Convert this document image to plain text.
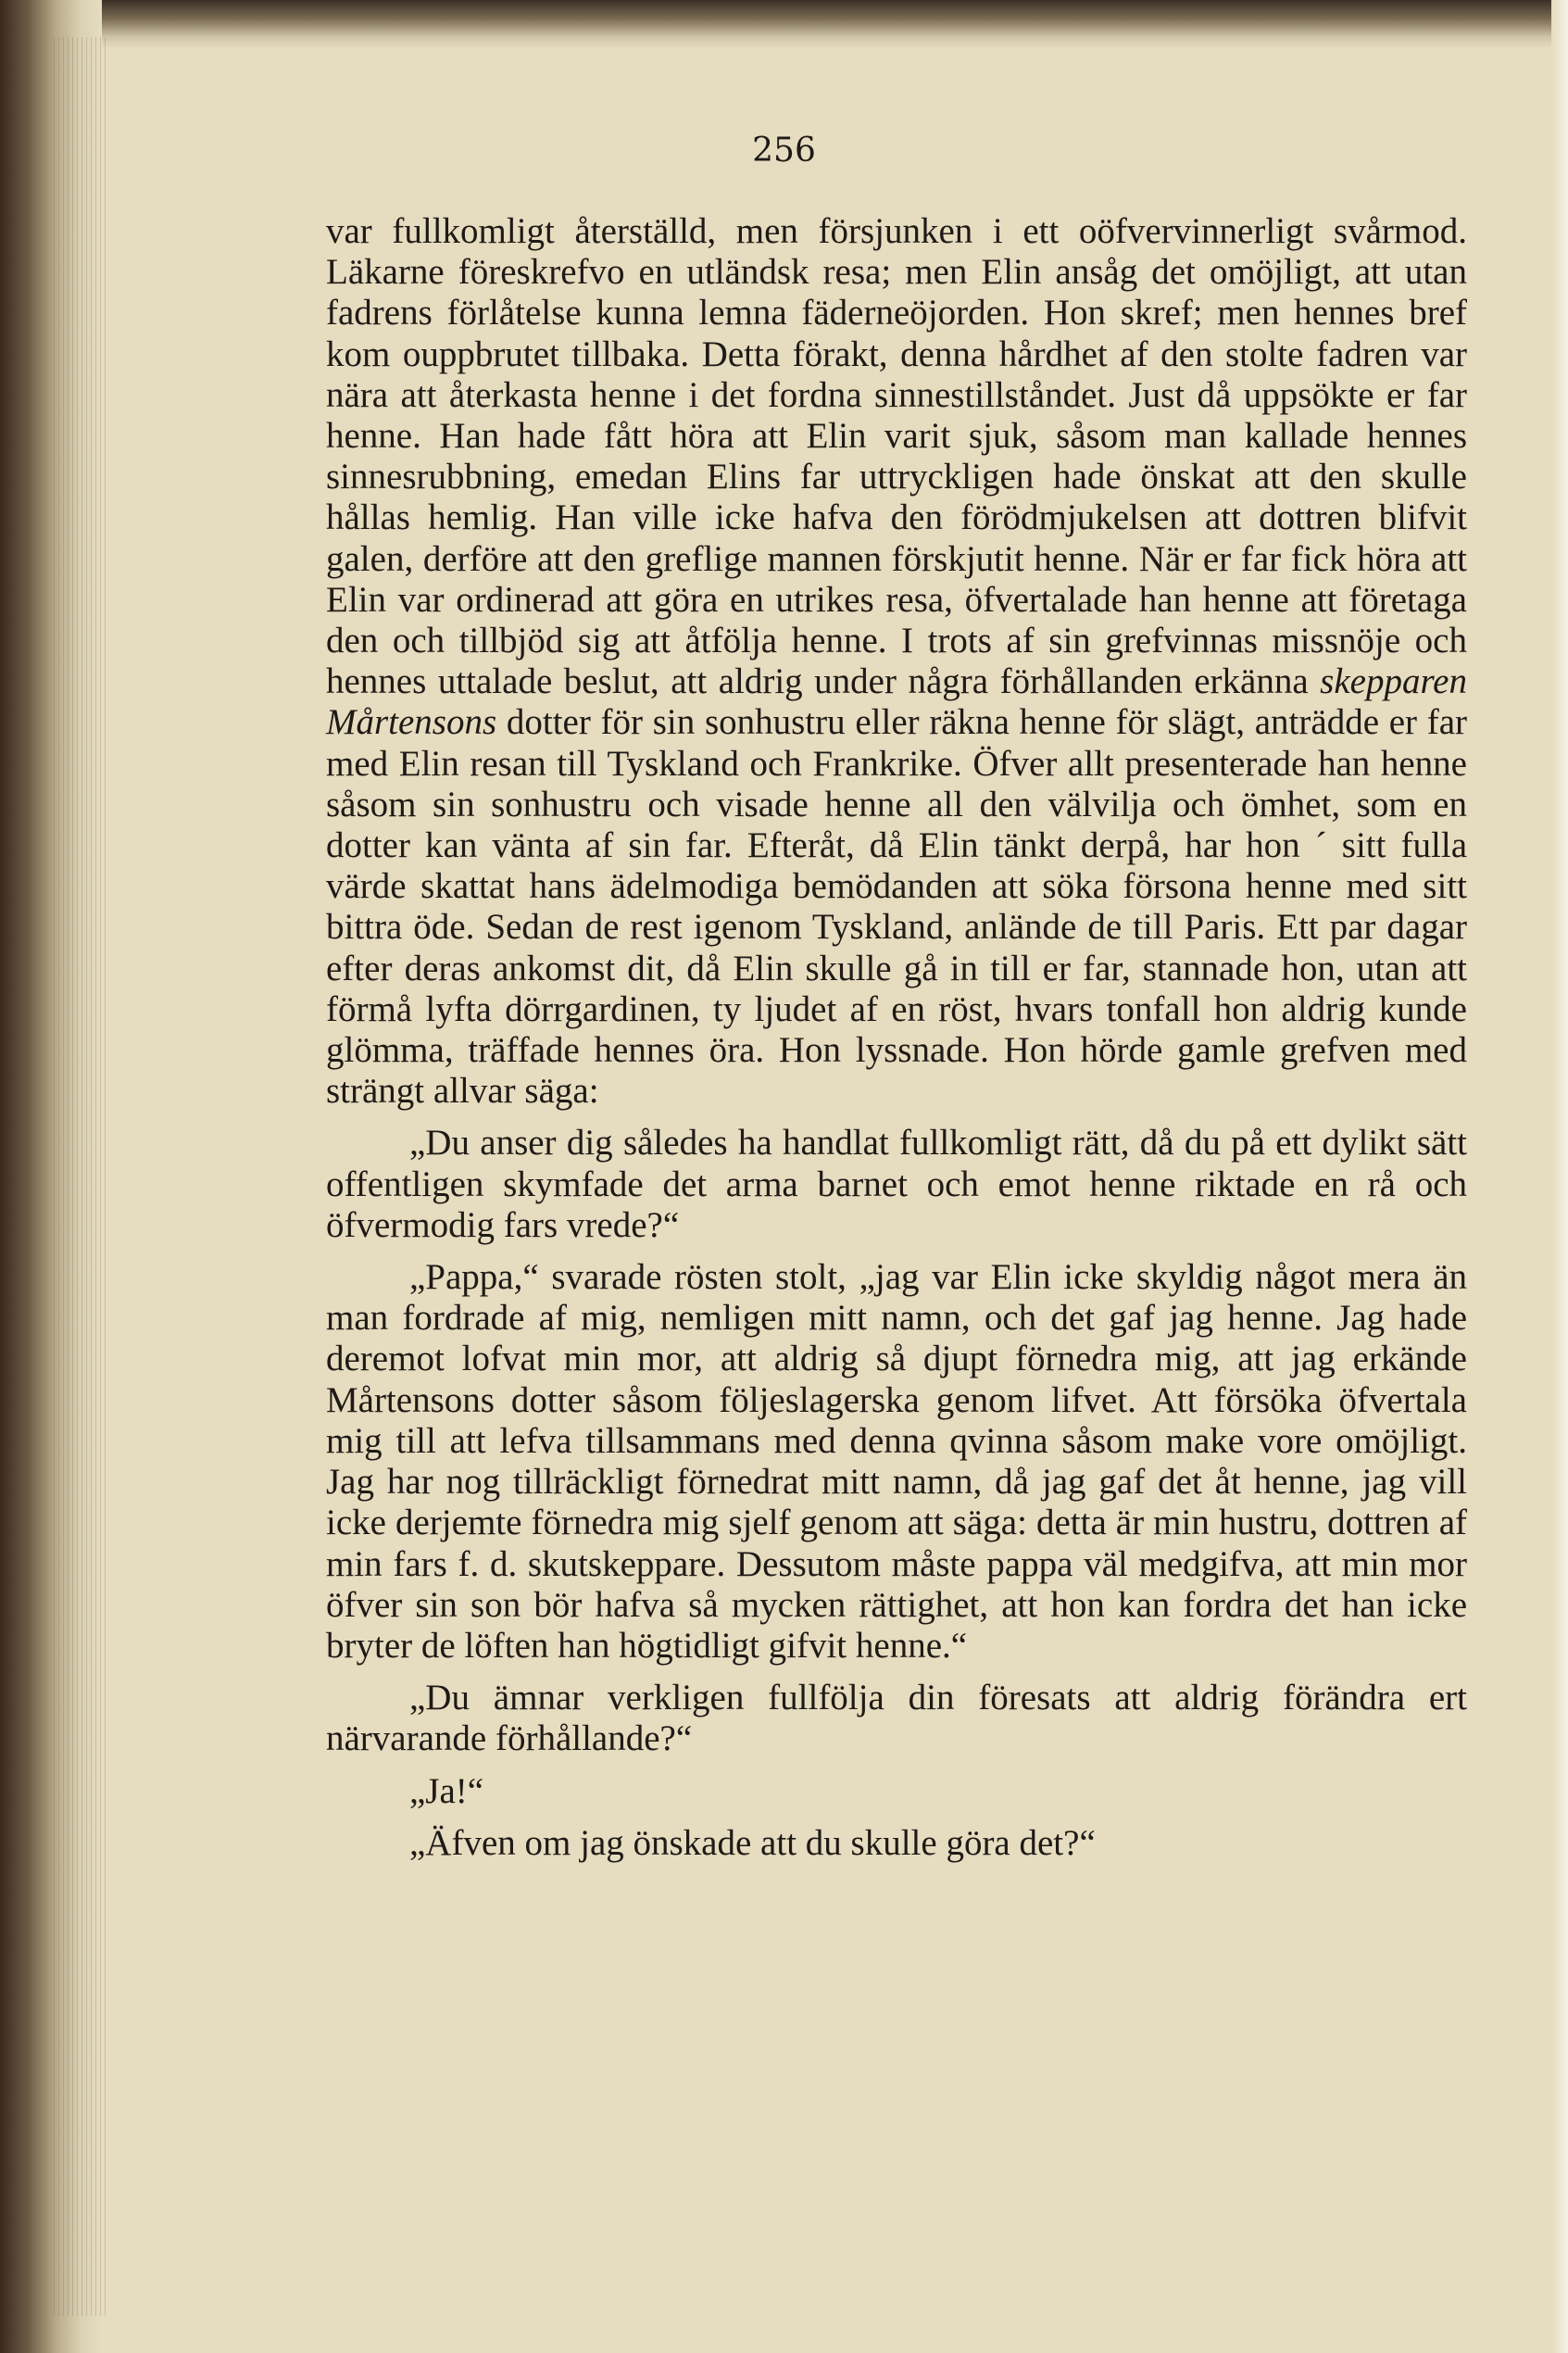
256

var fullkomligt återställd, men försjunken i ett oöfvervinnerligt svårmod. Läkarne föreskrefvo en utländsk resa; men Elin ansåg det omöjligt, att utan fadrens förlåtelse kunna lemna fäderneöjorden. Hon skref; men hennes bref kom ouppbrutet tillbaka. Detta förakt, denna hårdhet af den stolte fadren var nära att återkasta henne i det fordna sinnestillståndet. Just då uppsökte er far henne. Han hade fått höra att Elin varit sjuk, såsom man kallade hennes sinnesrubbning, emedan Elins far uttryckligen hade önskat att den skulle hållas hemlig. Han ville icke hafva den förödmjukelsen att dottren blifvit galen, derföre att den greflige mannen förskjutit henne. När er far fick höra att Elin var ordinerad att göra en utrikes resa, öfvertalade han henne att företaga den och tillbjöd sig att åtfölja henne. I trots af sin grefvinnas missnöje och hennes uttalade beslut, att aldrig under några förhållanden erkänna skepparen Mårtensons dotter för sin sonhustru eller räkna henne för slägt, anträdde er far med Elin resan till Tyskland och Frankrike. Öfver allt presenterade han henne såsom sin sonhustru och visade henne all den välvilja och ömhet, som en dotter kan vänta af sin far. Efteråt, då Elin tänkt derpå, har hon ´ sitt fulla värde skattat hans ädelmodiga bemödanden att söka försona henne med sitt bittra öde. Sedan de rest igenom Tyskland, anlände de till Paris. Ett par dagar efter deras ankomst dit, då Elin skulle gå in till er far, stannade hon, utan att förmå lyfta dörrgardinen, ty ljudet af en röst, hvars tonfall hon aldrig kunde glömma, träffade hennes öra. Hon lyssnade. Hon hörde gamle grefven med strängt allvar säga:

„Du anser dig således ha handlat fullkomligt rätt, då du på ett dylikt sätt offentligen skymfade det arma barnet och emot henne riktade en rå och öfvermodig fars vrede?“

„Pappa,“ svarade rösten stolt, „jag var Elin icke skyldig något mera än man fordrade af mig, nemligen mitt namn, och det gaf jag henne. Jag hade deremot lofvat min mor, att aldrig så djupt förnedra mig, att jag erkände Mårtensons dotter såsom följeslagerska genom lifvet. Att försöka öfvertala mig till att lefva tillsammans med denna qvinna såsom make vore omöjligt. Jag har nog tillräckligt förnedrat mitt namn, då jag gaf det åt henne, jag vill icke derjemte förnedra mig sjelf genom att säga: detta är min hustru, dottren af min fars f. d. skutskeppare. Dessutom måste pappa väl medgifva, att min mor öfver sin son bör hafva så mycken rättighet, att hon kan fordra det han icke bryter de löften han högtidligt gifvit henne.“

„Du ämnar verkligen fullfölja din föresats att aldrig förändra ert närvarande förhållande?“

„Ja!“

„Äfven om jag önskade att du skulle göra det?“
